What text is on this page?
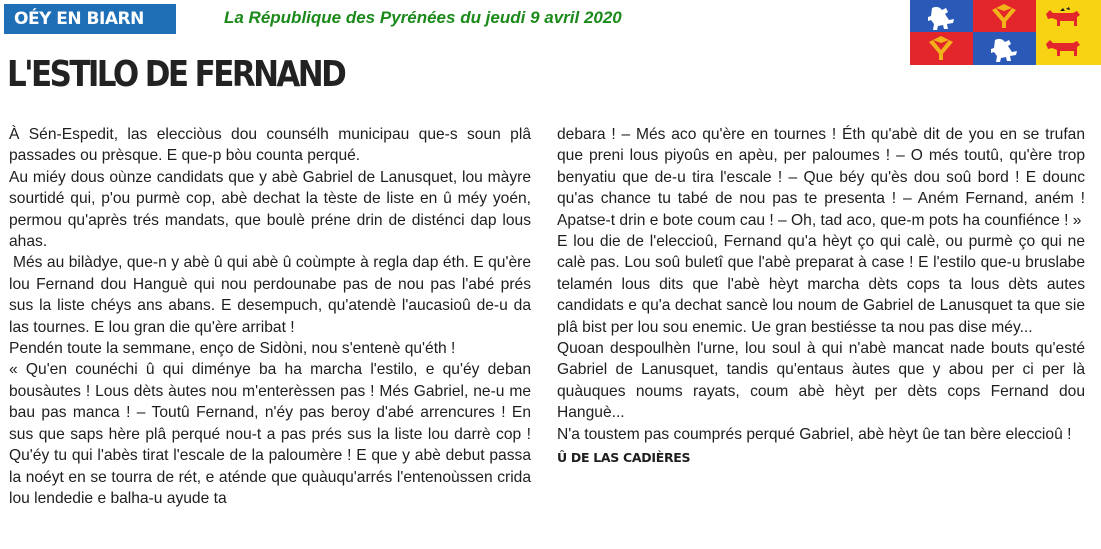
OÉY EN BIARN	La République des Pyrénées du jeudi 9 avril 2020
L'ESTILO DE FERNAND

À Sén-Espedit, las elecciòus dou counsélh municipau que-s soun plâ passades ou prèsque. E que-p bòu counta perqué.

Au miéy dous oùnze candidats que y abè Gabriel de Lanusquet, lou màyre sourtidé qui, p'ou purmè cop, abè dechat la tèste de liste en û méy yoén, permou qu'après trés mandats, que boulè préne drin de disténci dap lous ahas.

Més au bilàdye, que-n y abè û qui abè û coùmpte à regla dap éth. E qu'ère lou Fernand dou Hanguè qui nou perdounabe pas de nou pas l'abé prés sus la liste chéys ans abans. E desempuch, qu'atendè l'aucasioû de-u da las tournes. E lou gran die qu'ère arribat !

Pendén toute la semmane, enço de Sidòni, nou s'entenè qu'éth !

« Qu'en counéchi û qui diménye ba ha marcha l'estilo, e qu'éy deban bousàutes ! Lous dèts àutes nou m'enterèssen pas ! Més Gabriel, ne-u me bau pas manca ! – Toutû Fernand, n'éy pas beroy d'abé arrencures ! En sus que saps hère plâ perqué nou-t a pas prés sus la liste lou darrè cop ! Qu'éy tu qui l'abès tirat l'escale de la paloumère ! E que y abè debut passa la noéyt en se tourra de rét, e aténde que quàuqu'arrés l'entenoùssen crida lou lendedie e balha-u ayude ta

debara ! – Més aco qu'ère en tournes ! Éth qu'abè dit de you en se trufan que preni lous piyoûs en apèu, per paloumes ! – O més toutû, qu'ère trop benyatiu que de-u tira l'escale ! – Que béy qu'ès dou soû bord ! E dounc qu'as chance tu tabé de nou pas te presenta ! – Aném Fernand, aném ! Apatse-t drin e bote coum cau ! – Oh, tad aco, que-m pots ha counfiénce ! »

E lou die de l'eleccioû, Fernand qu'a hèyt ço qui calè, ou purmè ço qui ne calè pas. Lou soû buletî que l'abè preparat à case ! E l'estilo que-u bruslabe telamén lous dits que l'abè hèyt marcha dèts cops ta lous dèts autes candidats e qu'a dechat sancè lou noum de Gabriel de Lanusquet ta que sie plâ bist per lou sou enemic. Ue gran bestiésse ta nou pas dise méy...

Quoan despoulhèn l'urne, lou soul à qui n'abè mancat nade bouts qu'esté Gabriel de Lanusquet, tandis qu'entaus àutes que y abou per ci per là quàuques noums rayats, coum abè hèyt per dèts cops Fernand dou Hanguè...

N'a toustem pas coumprés perqué Gabriel, abè hèyt ûe tan bère eleccioû !

Û DE LAS CADIÈRES
